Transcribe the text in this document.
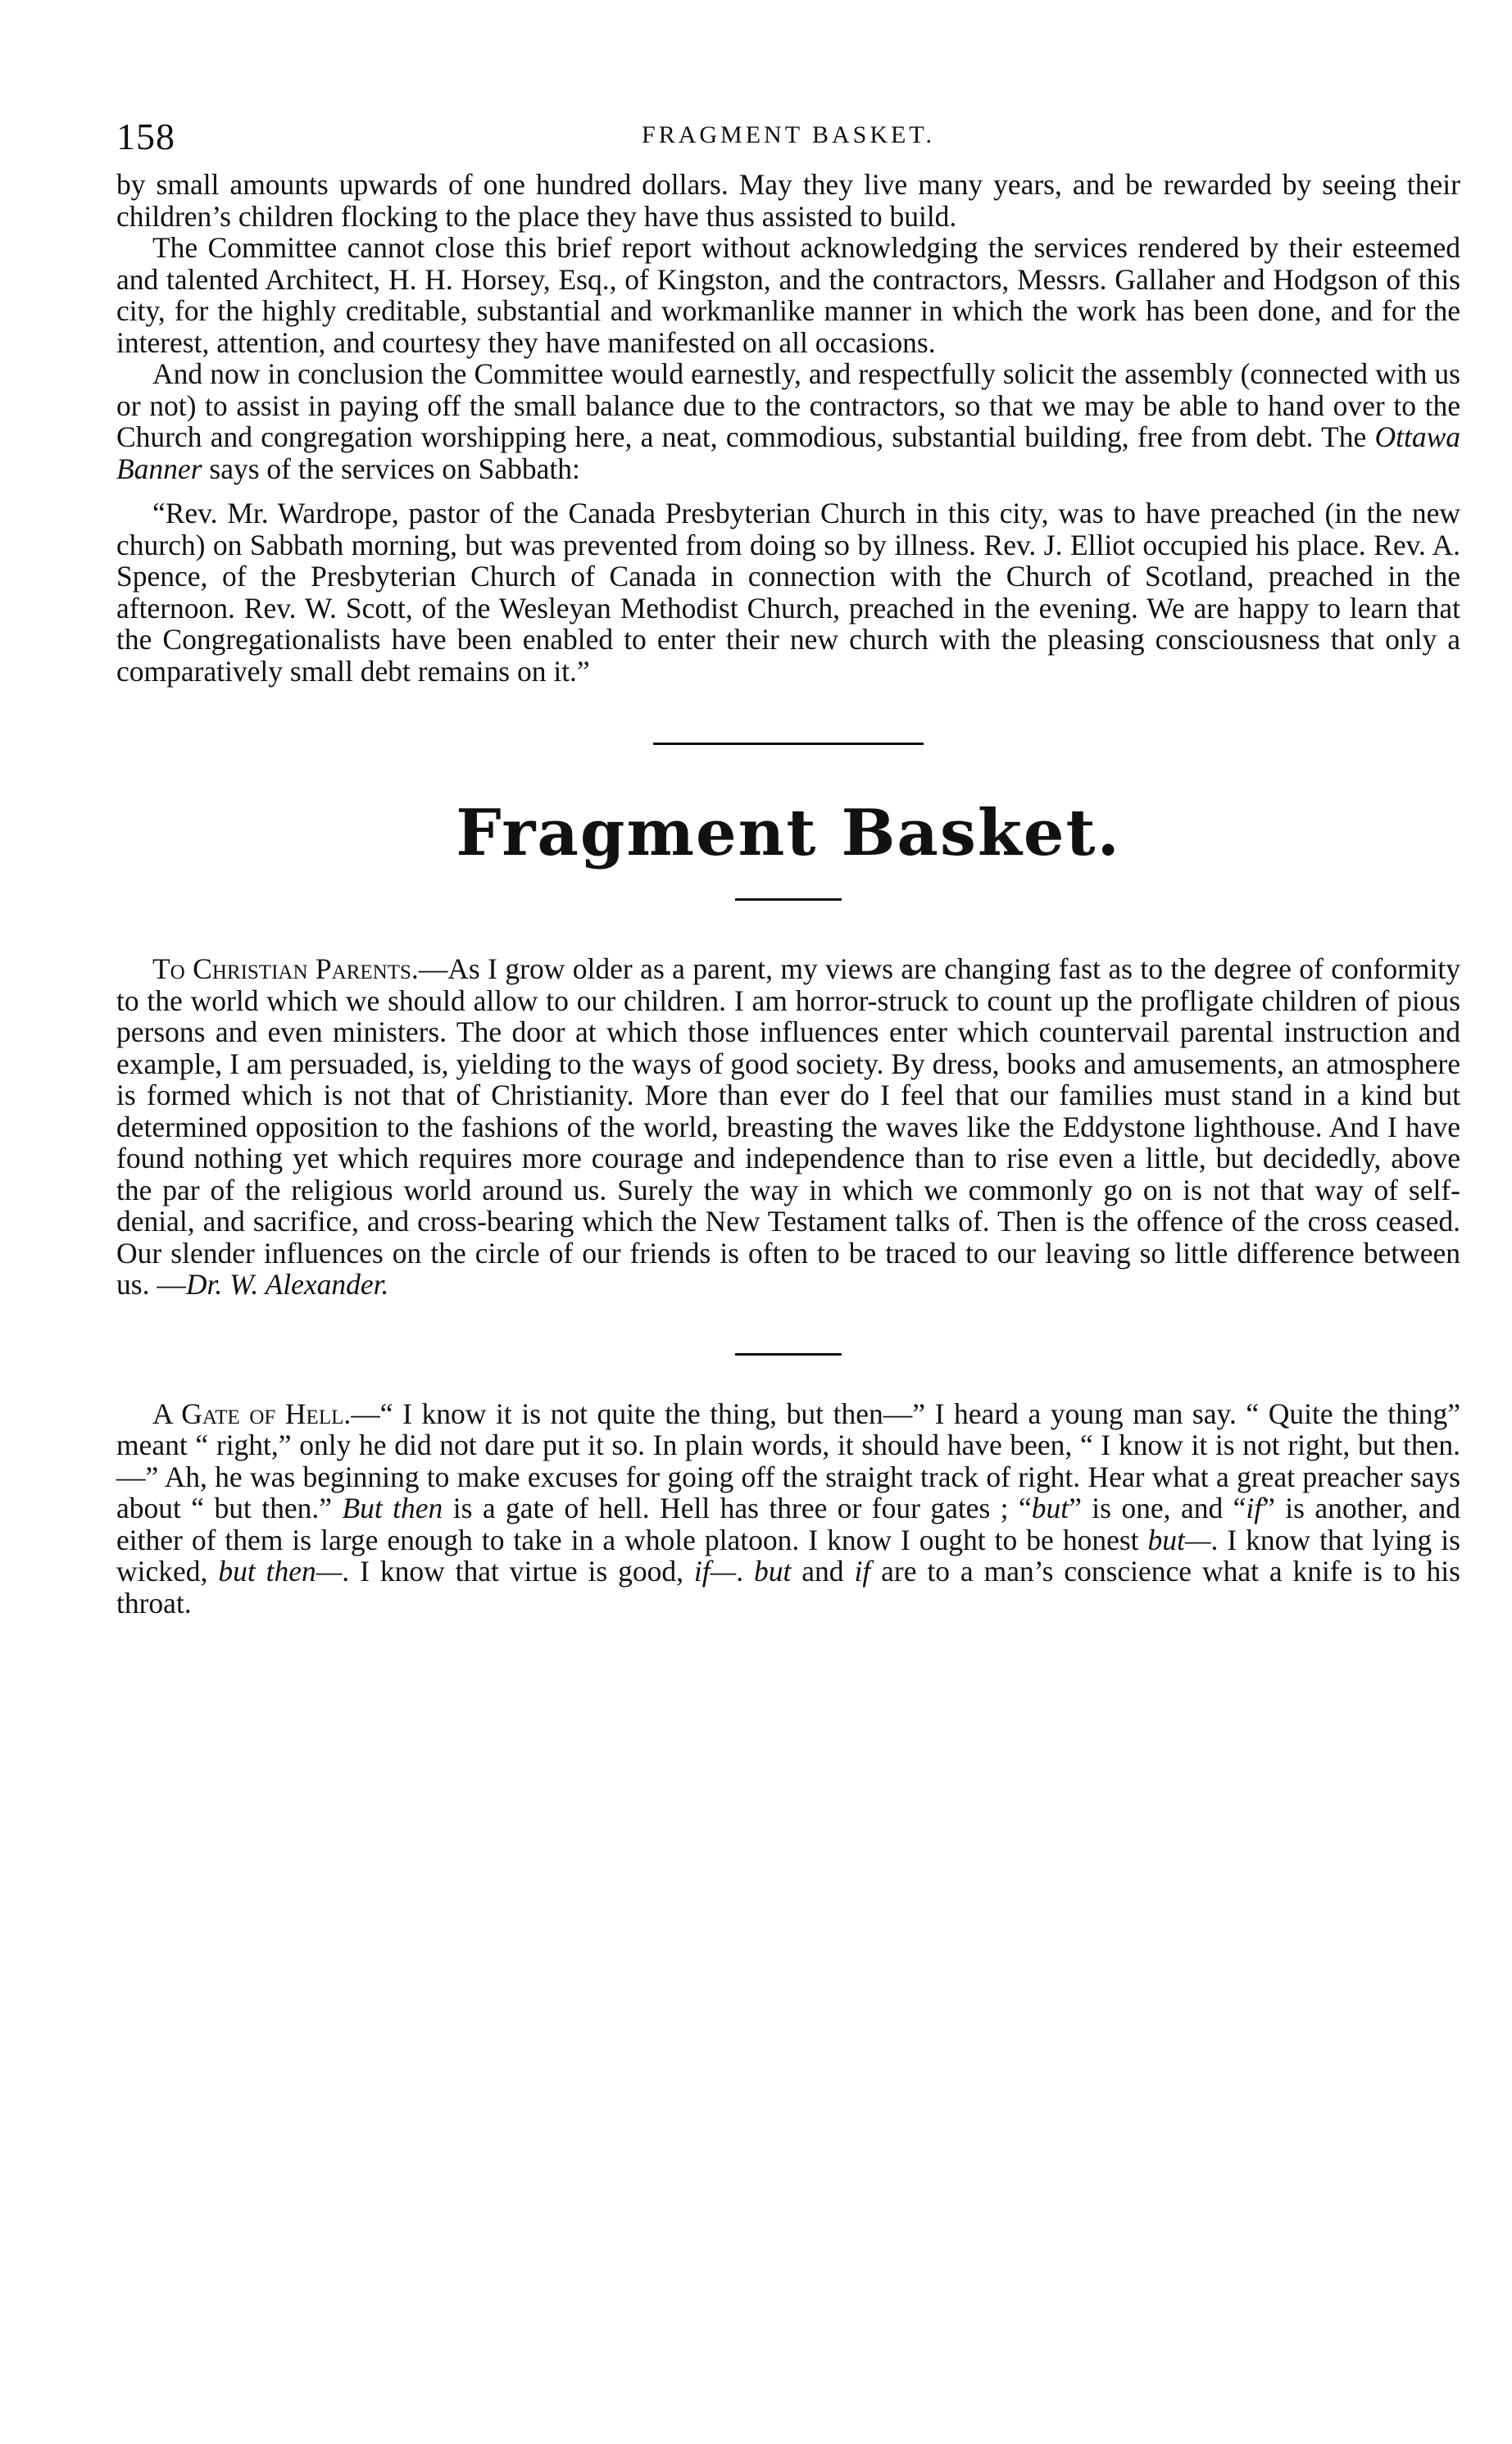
158	FRAGMENT BASKET.

by small amounts upwards of one hundred dollars. May they live many years, and be rewarded by seeing their children’s children flocking to the place they have thus assisted to build.

The Committee cannot close this brief report without acknowledging the services rendered by their esteemed and talented Architect, H. H. Horsey, Esq., of Kingston, and the contractors, Messrs. Gallaher and Hodgson of this city, for the highly creditable, substantial and workmanlike manner in which the work has been done, and for the interest, attention, and courtesy they have manifested on all occasions.

And now in conclusion the Committee would earnestly, and respectfully solicit the assembly (connected with us or not) to assist in paying off the small balance due to the contractors, so that we may be able to hand over to the Church and congregation worshipping here, a neat, commodious, substantial building, free from debt. The Ottawa Banner says of the services on Sabbath:

“Rev. Mr. Wardrope, pastor of the Canada Presbyterian Church in this city, was to have preached (in the new church) on Sabbath morning, but was prevented from doing so by illness. Rev. J. Elliot occupied his place. Rev. A. Spence, of the Presbyterian Church of Canada in connection with the Church of Scotland, preached in the afternoon. Rev. W. Scott, of the Wesleyan Methodist Church, preached in the evening. We are happy to learn that the Congregationalists have been enabled to enter their new church with the pleasing consciousness that only a comparatively small debt remains on it.”

Fragment Basket.

To Christian Parents.—As I grow older as a parent, my views are changing fast as to the degree of conformity to the world which we should allow to our children. I am horror-struck to count up the profligate children of pious persons and even ministers. The door at which those influences enter which countervail parental instruction and example, I am persuaded, is, yielding to the ways of good society. By dress, books and amusements, an atmosphere is formed which is not that of Christianity. More than ever do I feel that our families must stand in a kind but determined opposition to the fashions of the world, breasting the waves like the Eddystone lighthouse. And I have found nothing yet which requires more courage and independence than to rise even a little, but decidedly, above the par of the religious world around us. Surely the way in which we commonly go on is not that way of self-denial, and sacrifice, and cross-bearing which the New Testament talks of. Then is the offence of the cross ceased. Our slender influences on the circle of our friends is often to be traced to our leaving so little difference between us. —Dr. W. Alexander.

A Gate of Hell.—“ I know it is not quite the thing, but then—” I heard a young man say. “ Quite the thing” meant “ right,” only he did not dare put it so. In plain words, it should have been, “ I know it is not right, but then.—” Ah, he was beginning to make excuses for going off the straight track of right. Hear what a great preacher says about “ but then.” But then is a gate of hell. Hell has three or four gates ; “but” is one, and “if” is another, and either of them is large enough to take in a whole platoon. I know I ought to be honest but—. I know that lying is wicked, but then—. I know that virtue is good, if—. but and if are to a man’s conscience what a knife is to his throat.
